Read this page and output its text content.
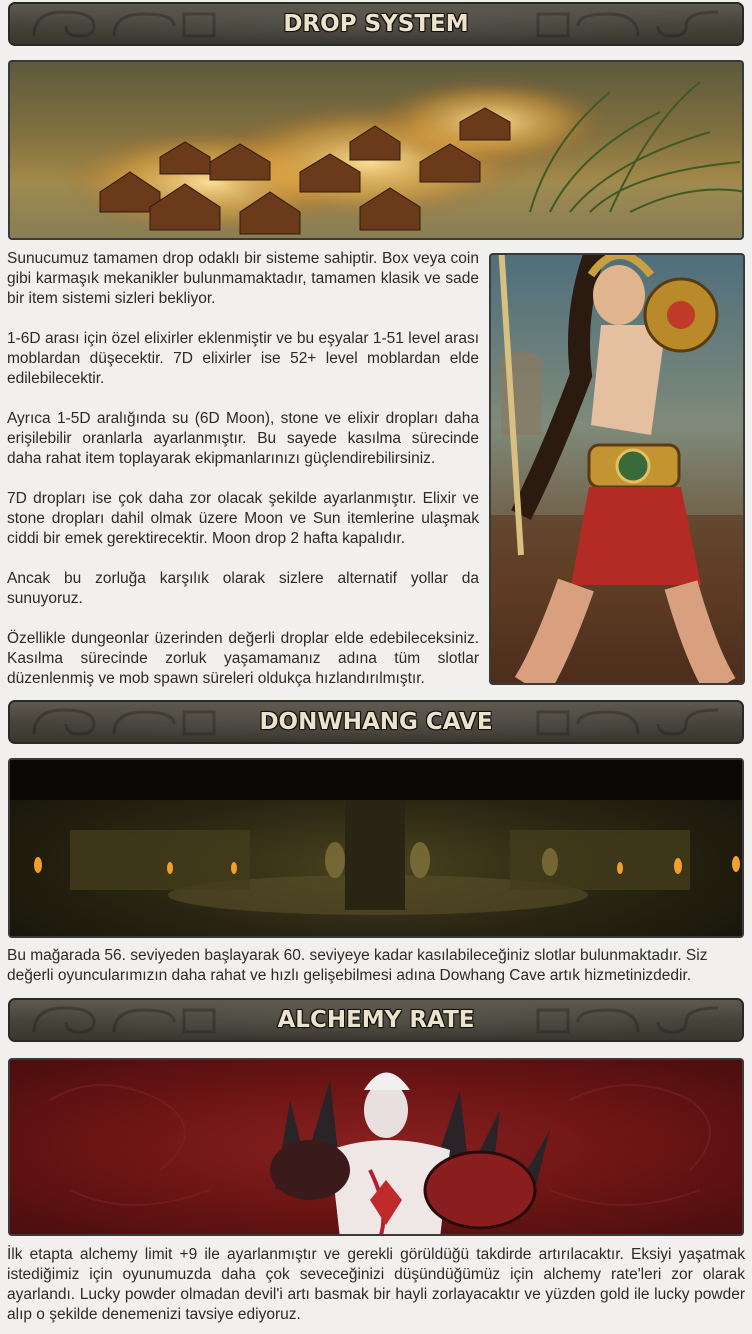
DROP SYSTEM

Sunucumuz tamamen drop odaklı bir sisteme sahiptir. Box veya coin gibi karmaşık mekanikler bulunmamaktadır, tamamen klasik ve sade bir item sistemi sizleri bekliyor.

1-6D arası için özel elixirler eklenmiştir ve bu eşyalar 1-51 level arası moblardan düşecektir. 7D elixirler ise 52+ level moblardan elde edilebilecektir.

Ayrıca 1-5D aralığında su (6D Moon), stone ve elixir dropları daha erişilebilir oranlarla ayarlanmıştır. Bu sayede kasılma sürecinde daha rahat item toplayarak ekipmanlarınızı güçlendirebilirsiniz.

7D dropları ise çok daha zor olacak şekilde ayarlanmıştır. Elixir ve stone dropları dahil olmak üzere Moon ve Sun itemlerine ulaşmak ciddi bir emek gerektirecektir. Moon drop 2 hafta kapalıdır.

Ancak bu zorluğa karşılık olarak sizlere alternatif yollar da sunuyoruz.

Özellikle dungeonlar üzerinden değerli droplar elde edebileceksiniz. Kasılma sürecinde zorluk yaşamamanız adına tüm slotlar düzenlenmiş ve mob spawn süreleri oldukça hızlandırılmıştır.

DONWHANG CAVE

Bu mağarada 56. seviyeden başlayarak 60. seviyeye kadar kasılabileceğiniz slotlar bulunmaktadır. Siz değerli oyuncularımızın daha rahat ve hızlı gelişebilmesi adına Dowhang Cave artık hizmetinizdedir.

ALCHEMY RATE

İlk etapta alchemy limit +9 ile ayarlanmıştır ve gerekli görüldüğü takdirde artırılacaktır. Eksiyi yaşatmak istediğimiz için oyunumuzda daha çok seveceğinizi düşündüğümüz için alchemy rate'leri zor olarak ayarlandı. Lucky powder olmadan devil'i artı basmak bir hayli zorlayacaktır ve yüzden gold ile lucky powder alıp o şekilde denemenizi tavsiye ediyoruz.
